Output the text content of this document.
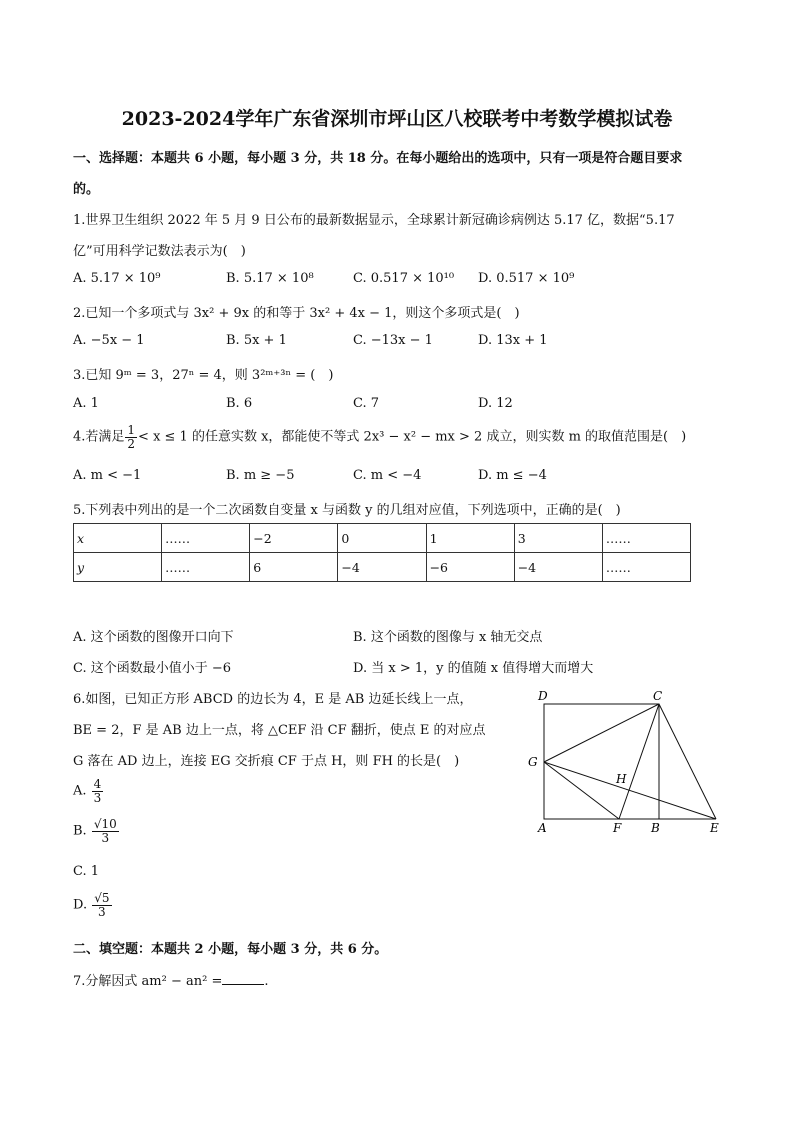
2023-2024学年广东省深圳市坪山区八校联考中考数学模拟试卷
一、选择题：本题共 6 小题，每小题 3 分，共 18 分。在每小题给出的选项中，只有一项是符合题目要求
的。
1.世界卫生组织 2022 年 5 月 9 日公布的最新数据显示，全球累计新冠确诊病例达 5.17 亿，数据“5.17
亿”可用科学记数法表示为(　)
A. 5.17 × 10⁹	B. 5.17 × 10⁸	C. 0.517 × 10¹⁰ D. 0.517 × 10⁹
2.已知一个多项式与 3x² + 9x 的和等于 3x² + 4x − 1，则这个多项式是(　)
A. −5x − 1	B. 5x + 1	C. −13x − 1	D. 13x + 1
3.已知 9ᵐ = 3，27ⁿ = 4，则 3²ᵐ⁺³ⁿ = (　)
A. 1	B. 6	C. 7	D. 12
4.若满足 $\frac{1}{2} < x \le 1$ 的任意实数 x，都能使不等式 2x³ − x² − mx > 2 成立，则实数 m 的取值范围是(　)
A. m < −1	B. m ≥ −5	C. m < −4	D. m ≤ −4
5.下列表中列出的是一个二次函数自变量 x 与函数 y 的几组对应值，下列选项中，正确的是(　)
x	……	−2	0	1	3	……
y	……	6	−4	−6	−4	……
A. 这个函数的图像开口向下	B. 这个函数的图像与 x 轴无交点
C. 这个函数最小值小于 −6	D. 当 x > 1，y 的值随 x 值得增大而增大
6.如图，已知正方形 ABCD 的边长为 4，E 是 AB 边延长线上一点，
BE = 2，F 是 AB 边上一点，将 △CEF 沿 CF 翻折，使点 E 的对应点
G 落在 AD 边上，连接 EG 交折痕 CF 于点 H，则 FH 的长是(　)
A. $\frac{4}{3}$
B. $\frac{√10}{3}$
C. 1
D. $\frac{√5}{3}$
D	C
G
H
A	F B	E
二、填空题：本题共 2 小题，每小题 3 分，共 6 分。
7.分解因式 am² − an² =	.
